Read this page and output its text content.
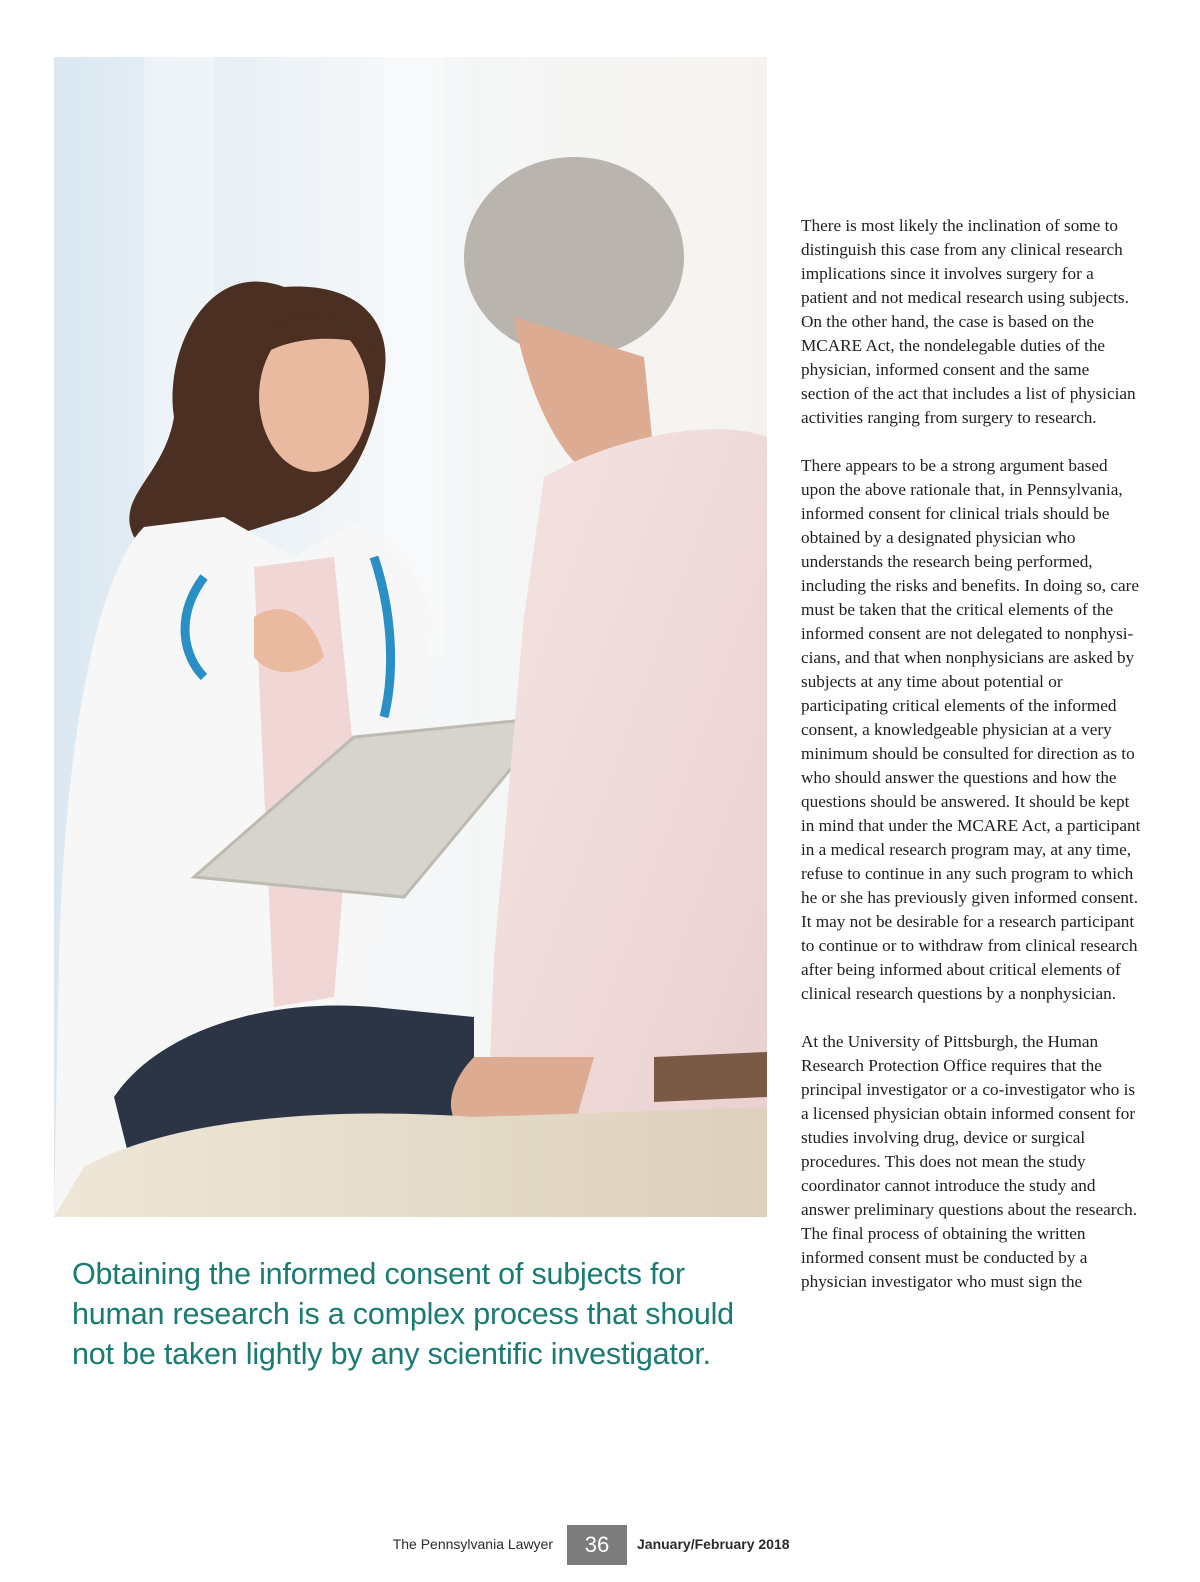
There is most likely the inclination of some to distinguish this case from any clinical research implications since it involves surgery for a patient and not medical research using subjects. On the other hand, the case is based on the MCARE Act, the nondelegable duties of the physician, informed consent and the same section of the act that includes a list of physician activities ranging from surgery to research.

There appears to be a strong argument based upon the above rationale that, in Pennsylvania, informed consent for clinical trials should be obtained by a designated physician who understands the research being performed, including the risks and benefits. In doing so, care must be taken that the critical elements of the informed consent are not delegated to nonphysicians, and that when nonphysicians are asked by subjects at any time about potential or participating critical elements of the informed consent, a knowledgeable physician at a very minimum should be consulted for direction as to who should answer the questions and how the questions should be answered. It should be kept in mind that under the MCARE Act, a participant in a medical research program may, at any time, refuse to continue in any such program to which he or she has previously given informed consent. It may not be desirable for a research participant to continue or to withdraw from clinical research after being informed about critical elements of clinical research questions by a nonphysician.

At the University of Pittsburgh, the Human Research Protection Office requires that the principal investigator or a co-investigator who is a licensed physician obtain informed consent for studies involving drug, device or surgical procedures. This does not mean the study coordinator cannot introduce the study and answer preliminary questions about the research. The final process of obtaining the written informed consent must be conducted by a physician investigator who must sign the

Obtaining the informed consent of subjects for human research is a complex process that should not be taken lightly by any scientific investigator.
The Pennsylvania Lawyer	36	January/February 2018
